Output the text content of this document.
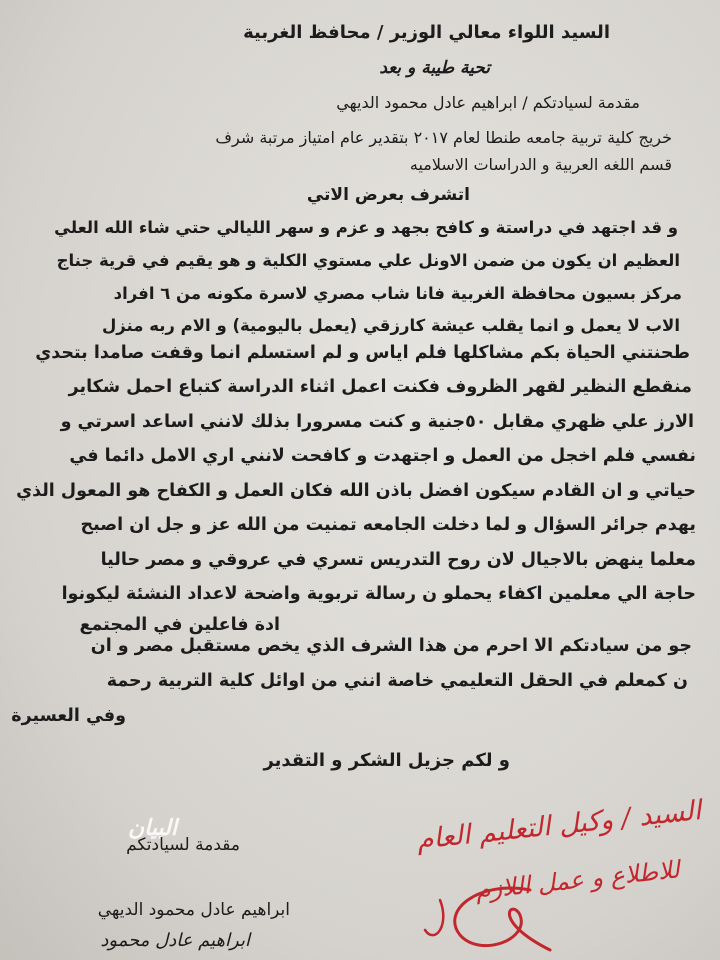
السيد اللواء معالي الوزير / محافظ الغربية
تحية طيبة و بعد
مقدمة لسيادتكم / ابراهيم عادل محمود الديهي
خريج كلية تربية جامعه طنطا لعام ٢٠١٧ بتقدير عام امتياز مرتبة شرف
قسم اللغه العربية و الدراسات الاسلاميه
اتشرف بعرض الاتي
و قد اجتهد في دراستة و كافح بجهد و عزم و سهر الليالي حتي شاء الله العلي
العظيم ان يكون من ضمن الاونل علي مستوي الكلية و هو يقيم في قرية جناج
مركز بسيون محافظة الغربية فانا شاب مصري لاسرة مكونه من ٦ افراد
الاب لا يعمل و انما يقلب عيشة كارزقي (يعمل باليومية) و الام ربه منزل
طحنتني الحياة بكم مشاكلها فلم اياس و لم استسلم انما وقفت صامدا بتحدي
منقطع النظير لقهر الظروف فكنت اعمل اثناء الدراسة كتباع احمل شكاير
الارز علي ظهري مقابل ٥٠جنية و كنت مسرورا بذلك لانني اساعد اسرتي و
نفسي فلم اخجل من العمل و اجتهدت و كافحت لانني اري الامل دائما في
حياتي و ان القادم سيكون افضل باذن الله فكان العمل و الكفاح هو المعول الذي
يهدم جرائر السؤال و لما دخلت الجامعه تمنيت من الله عز و جل ان اصبح
معلما ينهض بالاجيال لان روح التدريس تسري في عروقي و مصر حاليا
حاجة الي معلمين اكفاء يحملو ن رسالة تربوية واضحة لاعداد النشئة ليكونوا
ادة فاعلين في المجتمع
جو من سيادتكم الا احرم من هذا الشرف الذي يخص مستقبل مصر و ان
ن كمعلم في الحقل التعليمي خاصة انني من اوائل كلية التربية رحمة
وفي العسيرة
و لكم جزيل الشكر و التقدير
البيان
مقدمة لسيادتكم
ابراهيم عادل محمود الديهي
ابراهيم عادل محمود
السيد / وكيل التعليم العام
للاطلاع و عمل اللازم
